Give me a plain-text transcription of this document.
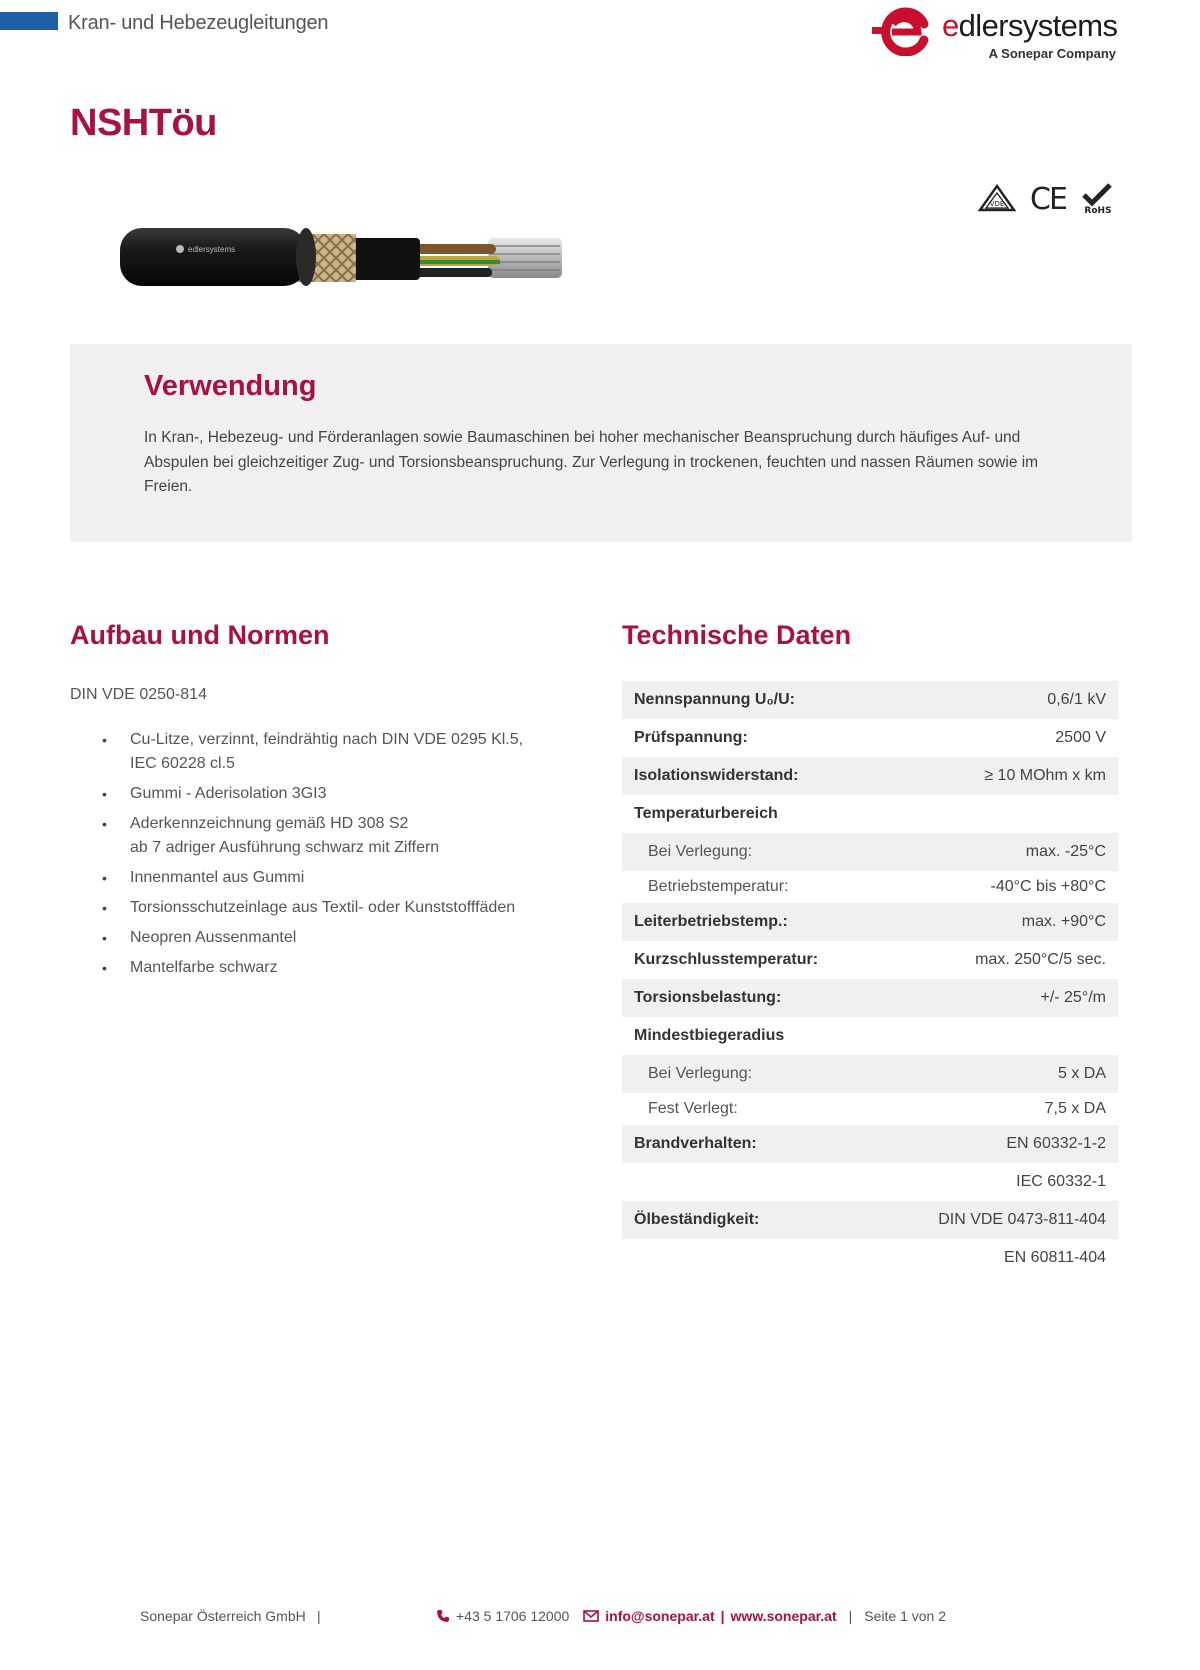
Kran- und Hebezeugleitungen	edlersystems
A Sonepar Company
NSHTöu
VDE CE RoHS
edlersystems
Verwendung

In Kran-, Hebezeug- und Förderanlagen sowie Baumaschinen bei hoher mechanischer Beanspruchung durch häufiges Auf- und Abspulen bei gleichzeitiger Zug- und Torsionsbeanspruchung. Zur Verlegung in trockenen, feuchten und nassen Räumen sowie im Freien.

Aufbau und Normen
DIN VDE 0250-814
• Cu-Litze, verzinnt, feindrähtig nach DIN VDE 0295 Kl.5,
IEC 60228 cl.5
• Gummi - Aderisolation 3GI3
• Aderkennzeichnung gemäß HD 308 S2
ab 7 adriger Ausführung schwarz mit Ziffern
• Innenmantel aus Gummi
• Torsionsschutzeinlage aus Textil- oder Kunststofffäden
• Neopren Aussenmantel
• Mantelfarbe schwarz
Technische Daten
Nennspannung U₀/U:	0,6/1 kV
Prüfspannung:	2500 V
Isolationswiderstand:	≥ 10 MOhm x km
Temperaturbereich	
Bei Verlegung:	max. -25°C
Betriebstemperatur:	-40°C bis +80°C
Leiterbetriebstemp.:	max. +90°C
Kurzschlusstemperatur:	max. 250°C/5 sec.
Torsionsbelastung:	+/- 25°/m
Mindestbiegeradius	
Bei Verlegung:	5 x DA
Fest Verlegt:	7,5 x DA
Brandverhalten:	EN 60332-1-2
	IEC 60332-1
Ölbeständigkeit:	DIN VDE 0473-811-404
	EN 60811-404
Sonepar Österreich GmbH |	+43 5 1706 12000	info@sonepar.at | www.sonepar.at | Seite 1 von 2
